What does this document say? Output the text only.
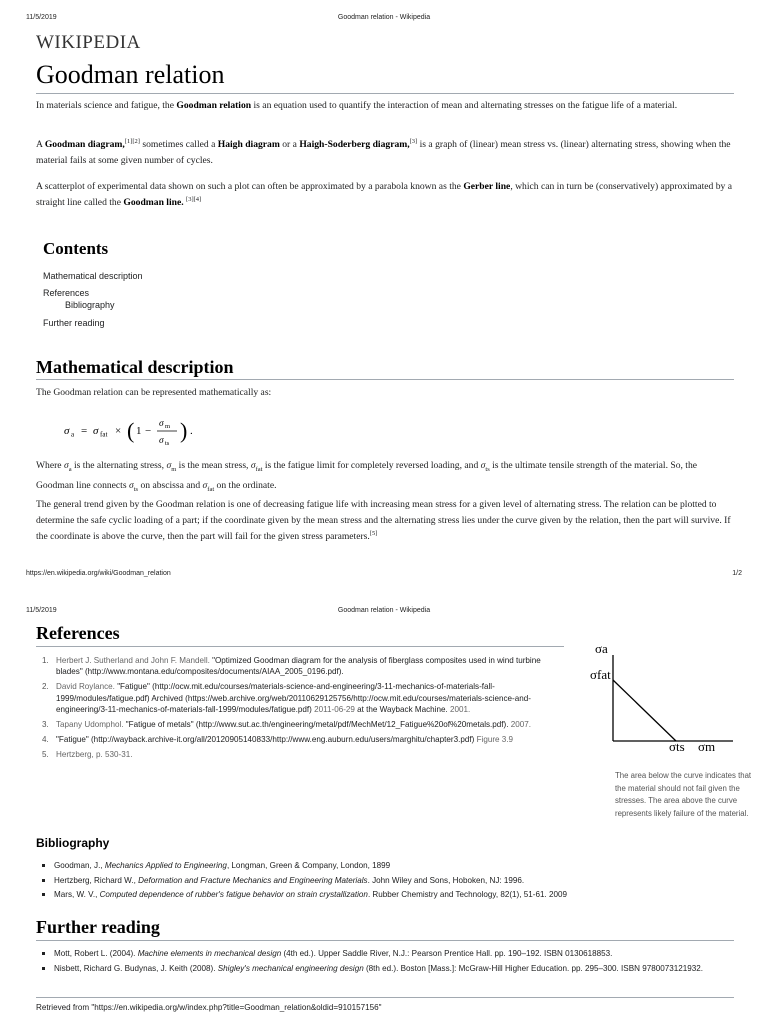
11/5/2019	Goodman relation - Wikipedia
WIKIPEDIA
Goodman relation

In materials science and fatigue, the Goodman relation is an equation used to quantify the interaction of mean and alternating stresses on the fatigue life of a material.

A Goodman diagram,[1][2] sometimes called a Haigh diagram or a Haigh-Soderberg diagram,[3] is a graph of (linear) mean stress vs. (linear) alternating stress, showing when the material fails at some given number of cycles.

A scatterplot of experimental data shown on such a plot can often be approximated by a parabola known as the Gerber line, which can in turn be (conservatively) approximated by a straight line called the Goodman line. [3][4]

Contents
Mathematical description
References
Bibliography
Further reading
Mathematical description

The Goodman relation can be represented mathematically as:

σ a = σ fat × ( 1 −
σ m
σ ts
) .

Where $\sigma_a$ is the alternating stress, $\sigma_m$ is the mean stress, $\sigma_{fat}$ is the fatigue limit for completely reversed loading, and $\sigma_{ts}$ is the ultimate tensile strength of the material. So, the Goodman line connects $\sigma_{ts}$ on abscissa and $\sigma_{fat}$ on the ordinate.

The general trend given by the Goodman relation is one of decreasing fatigue life with increasing mean stress for a given level of alternating stress. The relation can be plotted to determine the safe cyclic loading of a part; if the coordinate given by the mean stress and the alternating stress lies under the curve given by the relation, then the part will survive. If the coordinate is above the curve, then the part will fail for the given stress parameters.[5]

https://en.wikipedia.org/wiki/Goodman_relation	1/2
11/5/2019	Goodman relation - Wikipedia
References
1. Herbert J. Sutherland and John F. Mandell. "Optimized Goodman diagram for the analysis of fiberglass composites used in wind turbine blades" (http://www.montana.edu/composites/documents/AIAA_2005_0196.pdf).
2. David Roylance. "Fatigue" (http://ocw.mit.edu/courses/materials-science-and-engineering/3-11-mechanics-of-materials-fall-1999/modules/fatigue.pdf) Archived (https://web.archive.org/web/20110629125756/http://ocw.mit.edu/courses/materials-science-and-engineering/3-11-mechanics-of-materials-fall-1999/modules/fatigue.pdf) 2011-06-29 at the Wayback Machine. 2001.
3. Tapany Udomphol. "Fatigue of metals" (http://www.sut.ac.th/engineering/metal/pdf/MechMet/12_Fatigue%20of%20metals.pdf). 2007.
4. "Fatigue" (http://wayback.archive-it.org/all/20120905140833/http://www.eng.auburn.edu/users/marghitu/chapter3.pdf) Figure 3.9
5. Hertzberg, p. 530-31.
σa
σfat
σts σm

The area below the curve indicates that the material should not fail given the stresses. The area above the curve represents likely failure of the material.

Bibliography
Goodman, J., Mechanics Applied to Engineering, Longman, Green & Company, London, 1899
Hertzberg, Richard W., Deformation and Fracture Mechanics and Engineering Materials. John Wiley and Sons, Hoboken, NJ: 1996.
Mars, W. V., Computed dependence of rubber's fatigue behavior on strain crystallization. Rubber Chemistry and Technology, 82(1), 51-61. 2009
Further reading
Mott, Robert L. (2004). Machine elements in mechanical design (4th ed.). Upper Saddle River, N.J.: Pearson Prentice Hall. pp. 190–192. ISBN 0130618853.
Nisbett, Richard G. Budynas, J. Keith (2008). Shigley's mechanical engineering design (8th ed.). Boston [Mass.]: McGraw-Hill Higher Education. pp. 295–300. ISBN 9780073121932.
Retrieved from "https://en.wikipedia.org/w/index.php?title=Goodman_relation&oldid=910157156"
